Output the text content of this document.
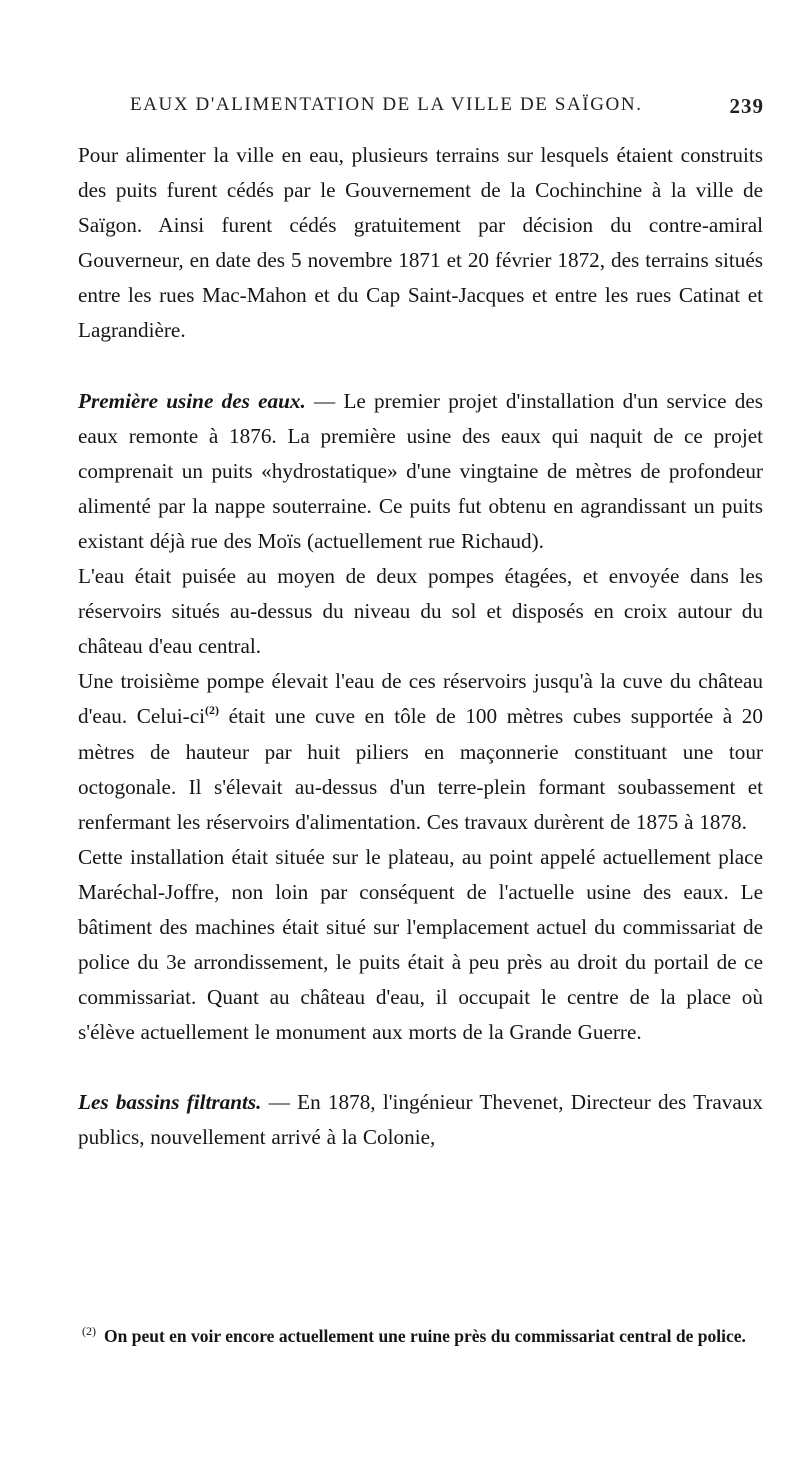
EAUX D'ALIMENTATION DE LA VILLE DE SAÏGON.	239

Pour alimenter la ville en eau, plusieurs terrains sur lesquels étaient construits des puits furent cédés par le Gouvernement de la Cochinchine à la ville de Saïgon. Ainsi furent cédés gratuitement par décision du contre-amiral Gouverneur, en date des 5 novembre 1871 et 20 février 1872, des terrains situés entre les rues Mac-Mahon et du Cap Saint-Jacques et entre les rues Catinat et Lagrandière.

Première usine des eaux. — Le premier projet d'installation d'un service des eaux remonte à 1876. La première usine des eaux qui naquit de ce projet comprenait un puits «hydrostatique» d'une vingtaine de mètres de profondeur alimenté par la nappe souterraine. Ce puits fut obtenu en agrandissant un puits existant déjà rue des Moïs (actuellement rue Richaud).

L'eau était puisée au moyen de deux pompes étagées, et envoyée dans les réservoirs situés au-dessus du niveau du sol et disposés en croix autour du château d'eau central.

Une troisième pompe élevait l'eau de ces réservoirs jusqu'à la cuve du château d'eau. Celui-ci$^{(2)}$ était une cuve en tôle de 100 mètres cubes supportée à 20 mètres de hauteur par huit piliers en maçonnerie constituant une tour octogonale. Il s'élevait au-dessus d'un terre-plein formant soubassement et renfermant les réservoirs d'alimentation. Ces travaux durèrent de 1875 à 1878.

Cette installation était située sur le plateau, au point appelé actuellement place Maréchal-Joffre, non loin par conséquent de l'actuelle usine des eaux. Le bâtiment des machines était situé sur l'emplacement actuel du commissariat de police du 3e arrondissement, le puits était à peu près au droit du portail de ce commissariat. Quant au château d'eau, il occupait le centre de la place où s'élève actuellement le monument aux morts de la Grande Guerre.

Les bassins filtrants. — En 1878, l'ingénieur Thevenet, Directeur des Travaux publics, nouvellement arrivé à la Colonie,

$^{(2)}$ On peut en voir encore actuellement une ruine près du commissariat central de police.
